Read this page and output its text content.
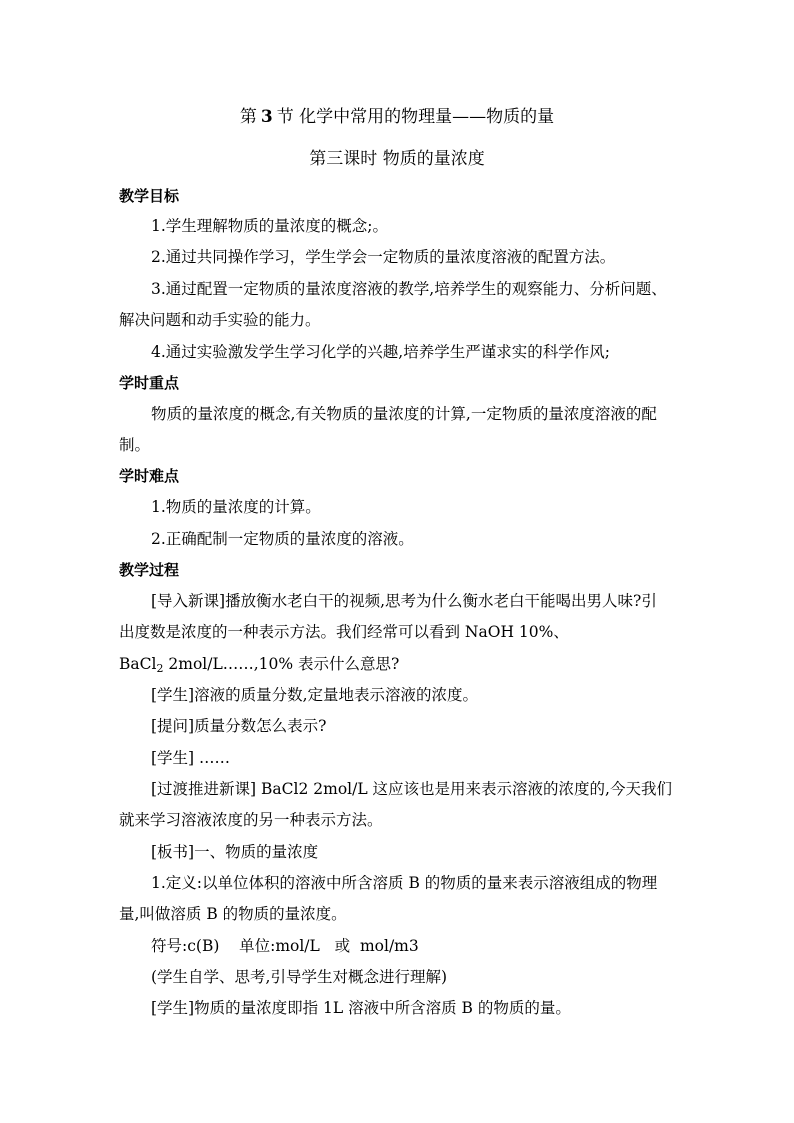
第 3 节 化学中常用的物理量——物质的量
第三课时 物质的量浓度
教学目标
1.学生理解物质的量浓度的概念;。
2.通过共同操作学习，学生学会一定物质的量浓度溶液的配置方法。
3.通过配置一定物质的量浓度溶液的教学,培养学生的观察能力、分析问题、
解决问题和动手实验的能力。
4.通过实验激发学生学习化学的兴趣,培养学生严谨求实的科学作风;
学时重点
物质的量浓度的概念,有关物质的量浓度的计算,一定物质的量浓度溶液的配
制。
学时难点
1.物质的量浓度的计算。
2.正确配制一定物质的量浓度的溶液。
教学过程
[导入新课]播放衡水老白干的视频,思考为什么衡水老白干能喝出男人味?引
出度数是浓度的一种表示方法。我们经常可以看到 NaOH 10%、
BaCl$_2$ 2mol/L……,10% 表示什么意思?
[学生]溶液的质量分数,定量地表示溶液的浓度。
[提问]质量分数怎么表示?
[学生] ……
[过渡推进新课] BaCl2 2mol/L 这应该也是用来表示溶液的浓度的,今天我们
就来学习溶液浓度的另一种表示方法。
[板书]一、物质的量浓度
1.定义:以单位体积的溶液中所含溶质 B 的物质的量来表示溶液组成的物理
量,叫做溶质 B 的物质的量浓度。
符号:c(B)    单位:mol/L   或  mol/m3
(学生自学、思考,引导学生对概念进行理解)
[学生]物质的量浓度即指 1L 溶液中所含溶质 B 的物质的量。
